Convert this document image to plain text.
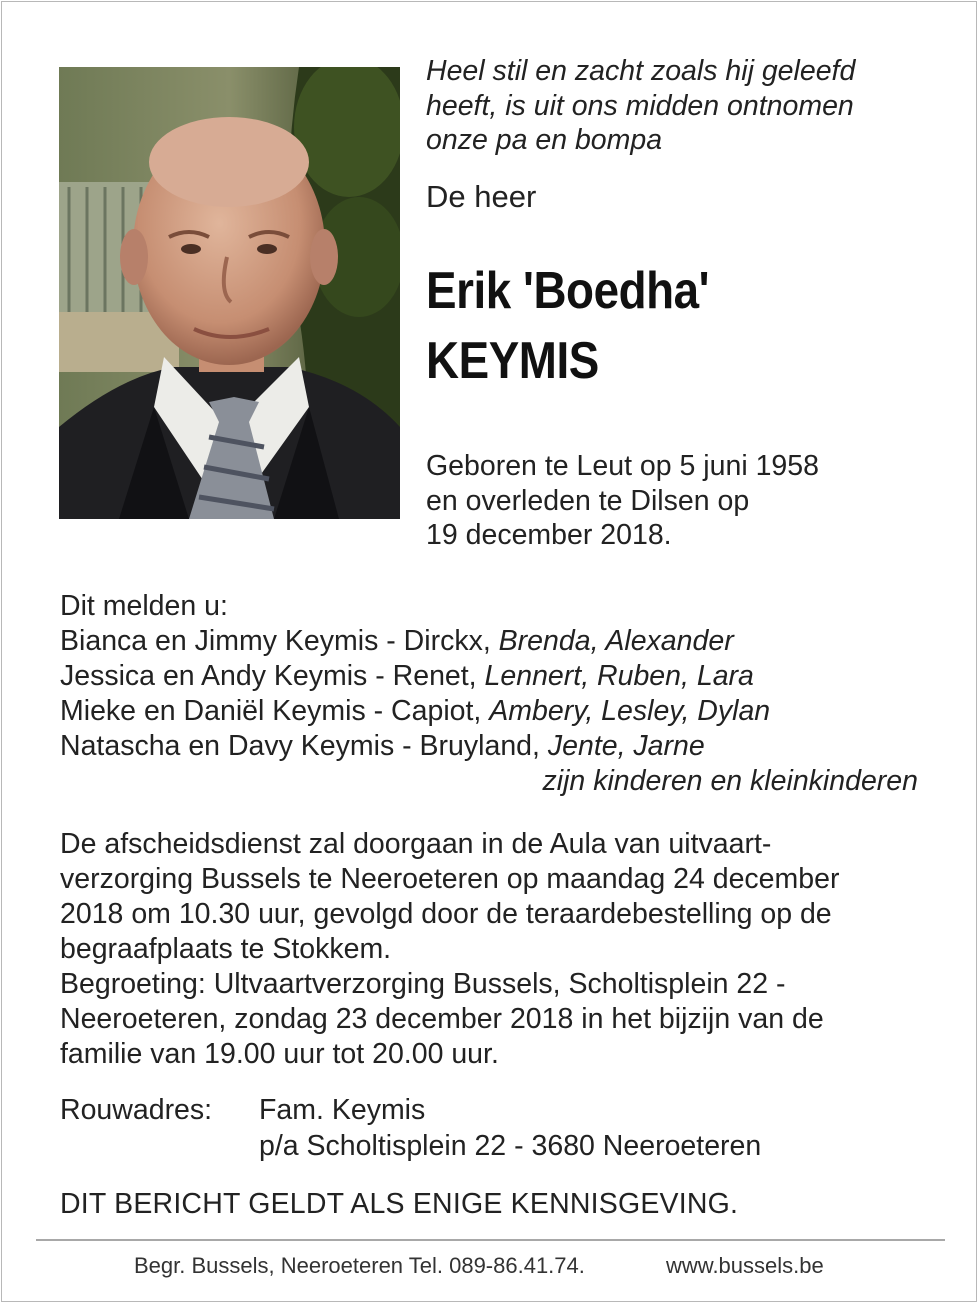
Heel stil en zacht zoals hij geleefd
heeft, is uit ons midden ontnomen
onze pa en bompa

De heer
Erik 'Boedha'
KEYMIS

Geboren te Leut op 5 juni 1958
en overleden te Dilsen op
19 december 2018.

Dit melden u:
Bianca en Jimmy Keymis - Dirckx, Brenda, Alexander
Jessica en Andy Keymis - Renet, Lennert, Ruben, Lara
Mieke en Daniël Keymis - Capiot, Ambery, Lesley, Dylan
Natascha en Davy Keymis - Bruyland, Jente, Jarne
zijn kinderen en kleinkinderen

De afscheidsdienst zal doorgaan in de Aula van uitvaart-
verzorging Bussels te Neeroeteren op maandag 24 december
2018 om 10.30 uur, gevolgd door de teraardebestelling op de
begraafplaats te Stokkem.
Begroeting: Ultvaartverzorging Bussels, Scholtisplein 22 -
Neeroeteren, zondag 23 december 2018 in het bijzijn van de
familie van 19.00 uur tot 20.00 uur.

Rouwadres: Fam. Keymis
p/a Scholtisplein 22 - 3680 Neeroeteren
DIT BERICHT GELDT ALS ENIGE KENNISGEVING.
Begr. Bussels, Neeroeteren Tel. 089-86.41.74.	www.bussels.be
